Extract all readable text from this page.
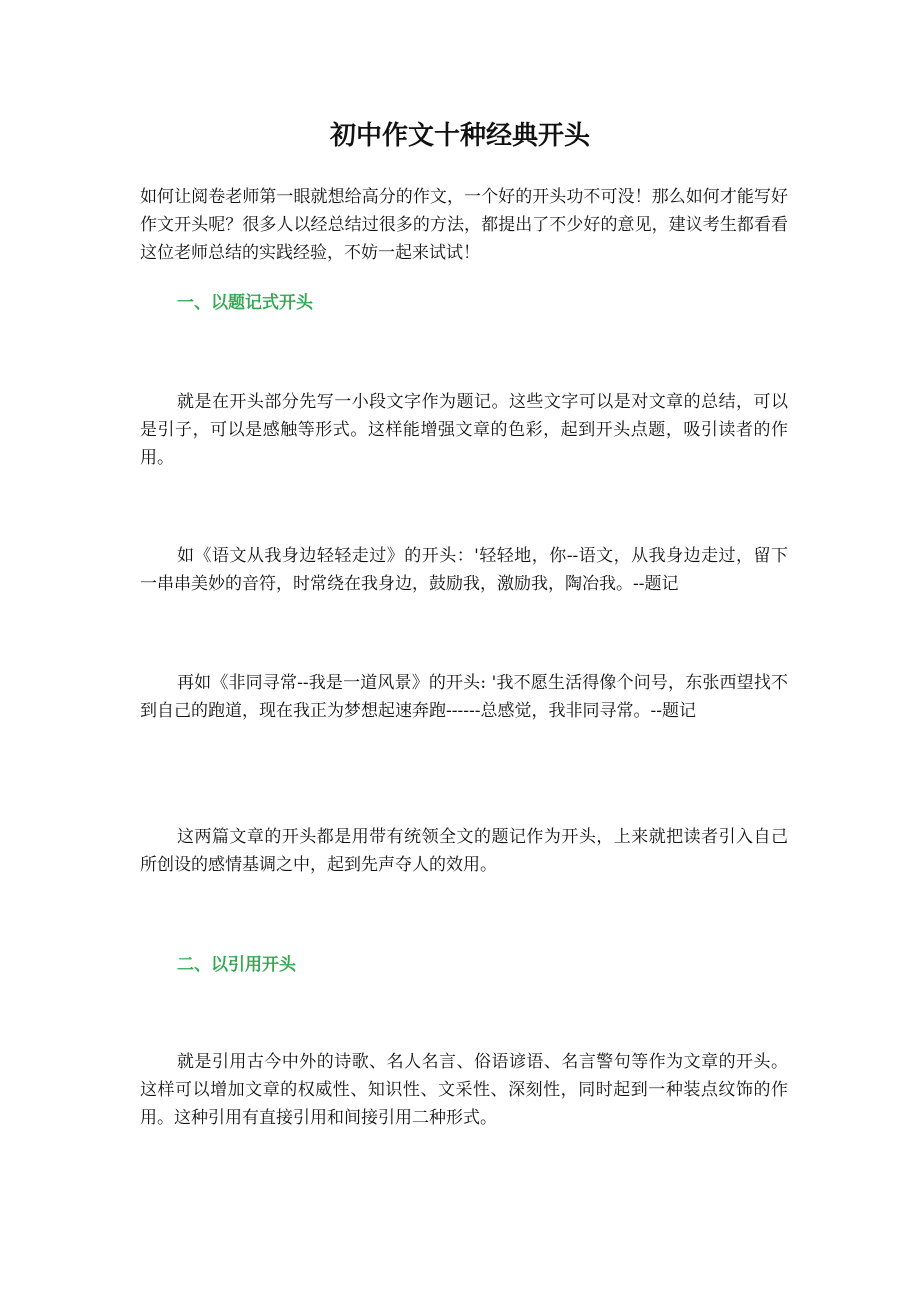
初中作文十种经典开头

如何让阅卷老师第一眼就想给高分的作文，一个好的开头功不可没！那么如何才能写好作文开头呢？很多人以经总结过很多的方法，都提出了不少好的意见，建议考生都看看这位老师总结的实践经验，不妨一起来试试！

一、以题记式开头

就是在开头部分先写一小段文字作为题记。这些文字可以是对文章的总结，可以是引子，可以是感触等形式。这样能增强文章的色彩，起到开头点题，吸引读者的作用。

如《语文从我身边轻轻走过》的开头：'轻轻地，你--语文，从我身边走过，留下一串串美妙的音符，时常绕在我身边，鼓励我，激励我，陶冶我。--题记

再如《非同寻常--我是一道风景》的开头: '我不愿生活得像个问号，东张西望找不到自己的跑道，现在我正为梦想起速奔跑------总感觉，我非同寻常。--题记

这两篇文章的开头都是用带有统领全文的题记作为开头，上来就把读者引入自己所创设的感情基调之中，起到先声夺人的效用。

二、以引用开头

就是引用古今中外的诗歌、名人名言、俗语谚语、名言警句等作为文章的开头。这样可以增加文章的权威性、知识性、文采性、深刻性，同时起到一种装点纹饰的作用。这种引用有直接引用和间接引用二种形式。
